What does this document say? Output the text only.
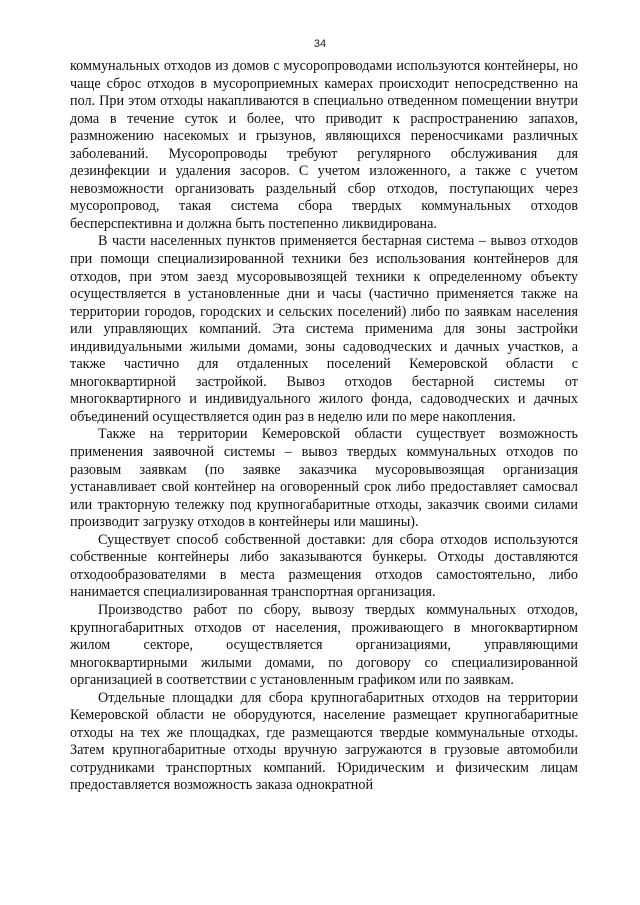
34

коммунальных отходов из домов с мусоропроводами используются контейнеры, но чаще сброс отходов в мусороприемных камерах происходит непосредственно на пол. При этом отходы накапливаются в специально отведенном помещении внутри дома в течение суток и более, что приводит к распространению запахов, размножению насекомых и грызунов, являющихся переносчиками различных заболеваний. Мусоропроводы требуют регулярного обслуживания для дезинфекции и удаления засоров. С учетом изложенного, а также с учетом невозможности организовать раздельный сбор отходов, поступающих через мусоропровод, такая система сбора твердых коммунальных отходов бесперспективна и должна быть постепенно ликвидирована.

В части населенных пунктов применяется бестарная система – вывоз отходов при помощи специализированной техники без использования контейнеров для отходов, при этом заезд мусоровывозящей техники к определенному объекту осуществляется в установленные дни и часы (частично применяется также на территории городов, городских и сельских поселений) либо по заявкам населения или управляющих компаний. Эта система применима для зоны застройки индивидуальными жилыми домами, зоны садоводческих и дачных участков, а также частично для отдаленных поселений Кемеровской области с многоквартирной застройкой. Вывоз отходов бестарной системы от многоквартирного и индивидуального жилого фонда, садоводческих и дачных объединений осуществляется один раз в неделю или по мере накопления.

Также на территории Кемеровской области существует возможность применения заявочной системы – вывоз твердых коммунальных отходов по разовым заявкам (по заявке заказчика мусоровывозящая организация устанавливает свой контейнер на оговоренный срок либо предоставляет самосвал или тракторную тележку под крупногабаритные отходы, заказчик своими силами производит загрузку отходов в контейнеры или машины).

Существует способ собственной доставки: для сбора отходов используются собственные контейнеры либо заказываются бункеры. Отходы доставляются отходообразователями в места размещения отходов самостоятельно, либо нанимается специализированная транспортная организация.

Производство работ по сбору, вывозу твердых коммунальных отходов, крупногабаритных отходов от населения, проживающего в многоквартирном жилом секторе, осуществляется организациями, управляющими многоквартирными жилыми домами, по договору со специализированной организацией в соответствии с установленным графиком или по заявкам.

Отдельные площадки для сбора крупногабаритных отходов на территории Кемеровской области не оборудуются, население размещает крупногабаритные отходы на тех же площадках, где размещаются твердые коммунальные отходы. Затем крупногабаритные отходы вручную загружаются в грузовые автомобили сотрудниками транспортных компаний. Юридическим и физическим лицам предоставляется возможность заказа однократной
